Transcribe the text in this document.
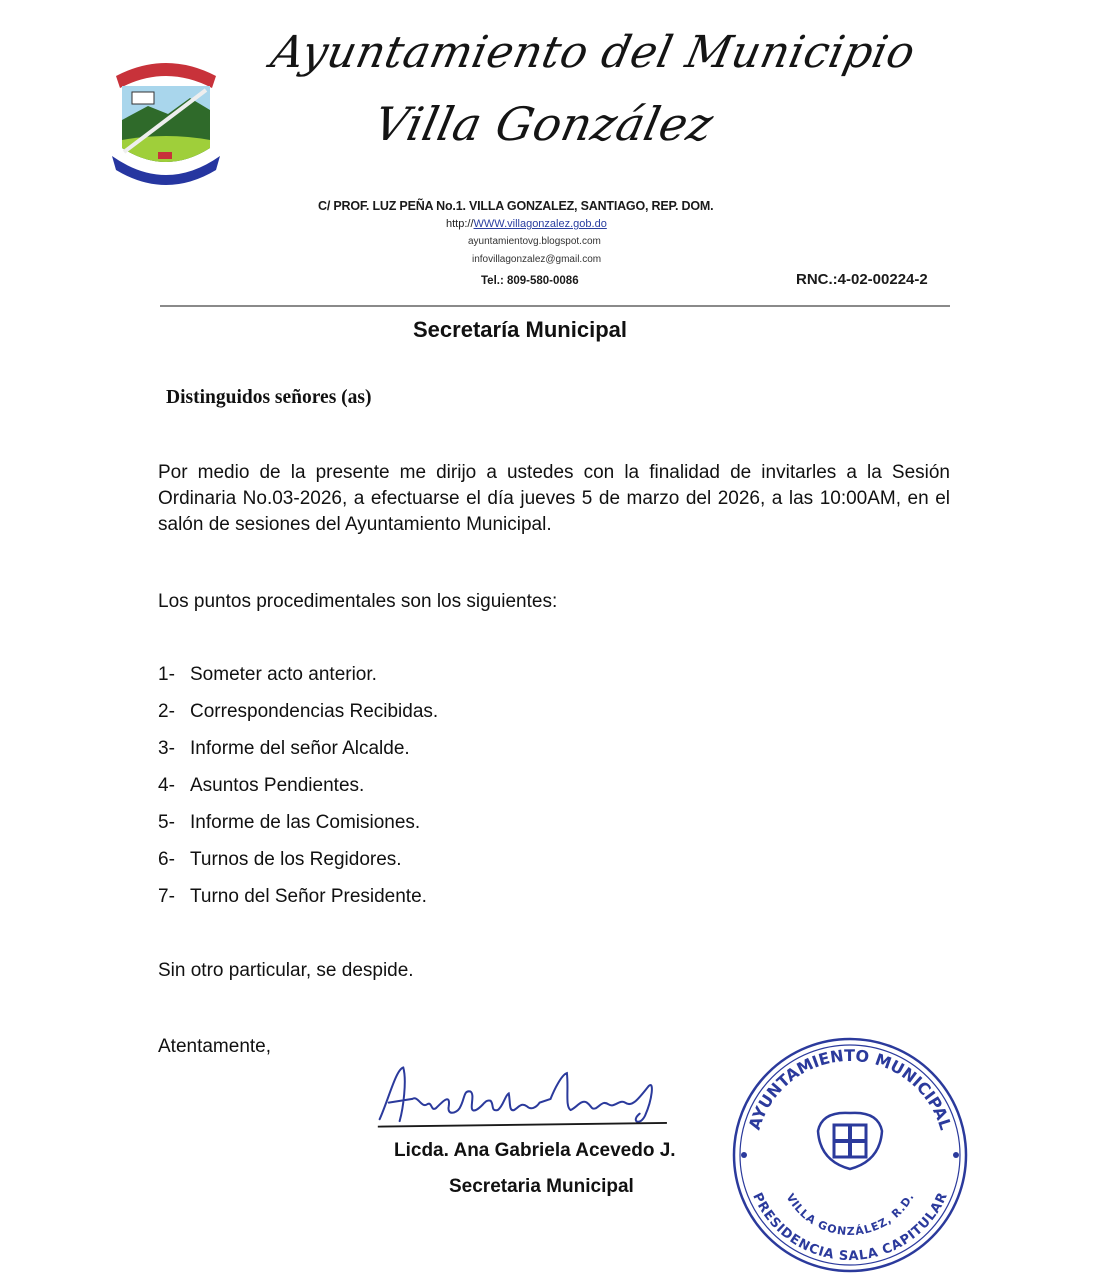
Ayuntamiento del Municipio
Villa González
C/ PROF. LUZ PEÑA No.1. VILLA GONZALEZ, SANTIAGO, REP. DOM.
http://WWW.villagonzalez.gob.do
ayuntamientovg.blogspot.com
infovillagonzalez@gmail.com
Tel.: 809-580-0086	RNC.:4-02-00224-2
Secretaría Municipal
Distinguidos señores (as)
Por medio de la presente me dirijo a ustedes con la finalidad de invitarles a la Sesión Ordinaria No.03-2026, a efectuarse el día jueves 5 de marzo del 2026, a las 10:00AM, en el salón de sesiones del Ayuntamiento Municipal.
Los puntos procedimentales son los siguientes:
1- Someter acto anterior.
2- Correspondencias Recibidas.
3- Informe del señor Alcalde.
4- Asuntos Pendientes.
5- Informe de las Comisiones.
6- Turnos de los Regidores.
7- Turno del Señor Presidente.
Sin otro particular, se despide.
Atentamente,
Licda. Ana Gabriela Acevedo J.
Secretaria Municipal
AYUNTAMIENTO MUNICIPAL
PRESIDENCIA SALA CAPITULAR
VILLA GONZÁLEZ, R.D.
